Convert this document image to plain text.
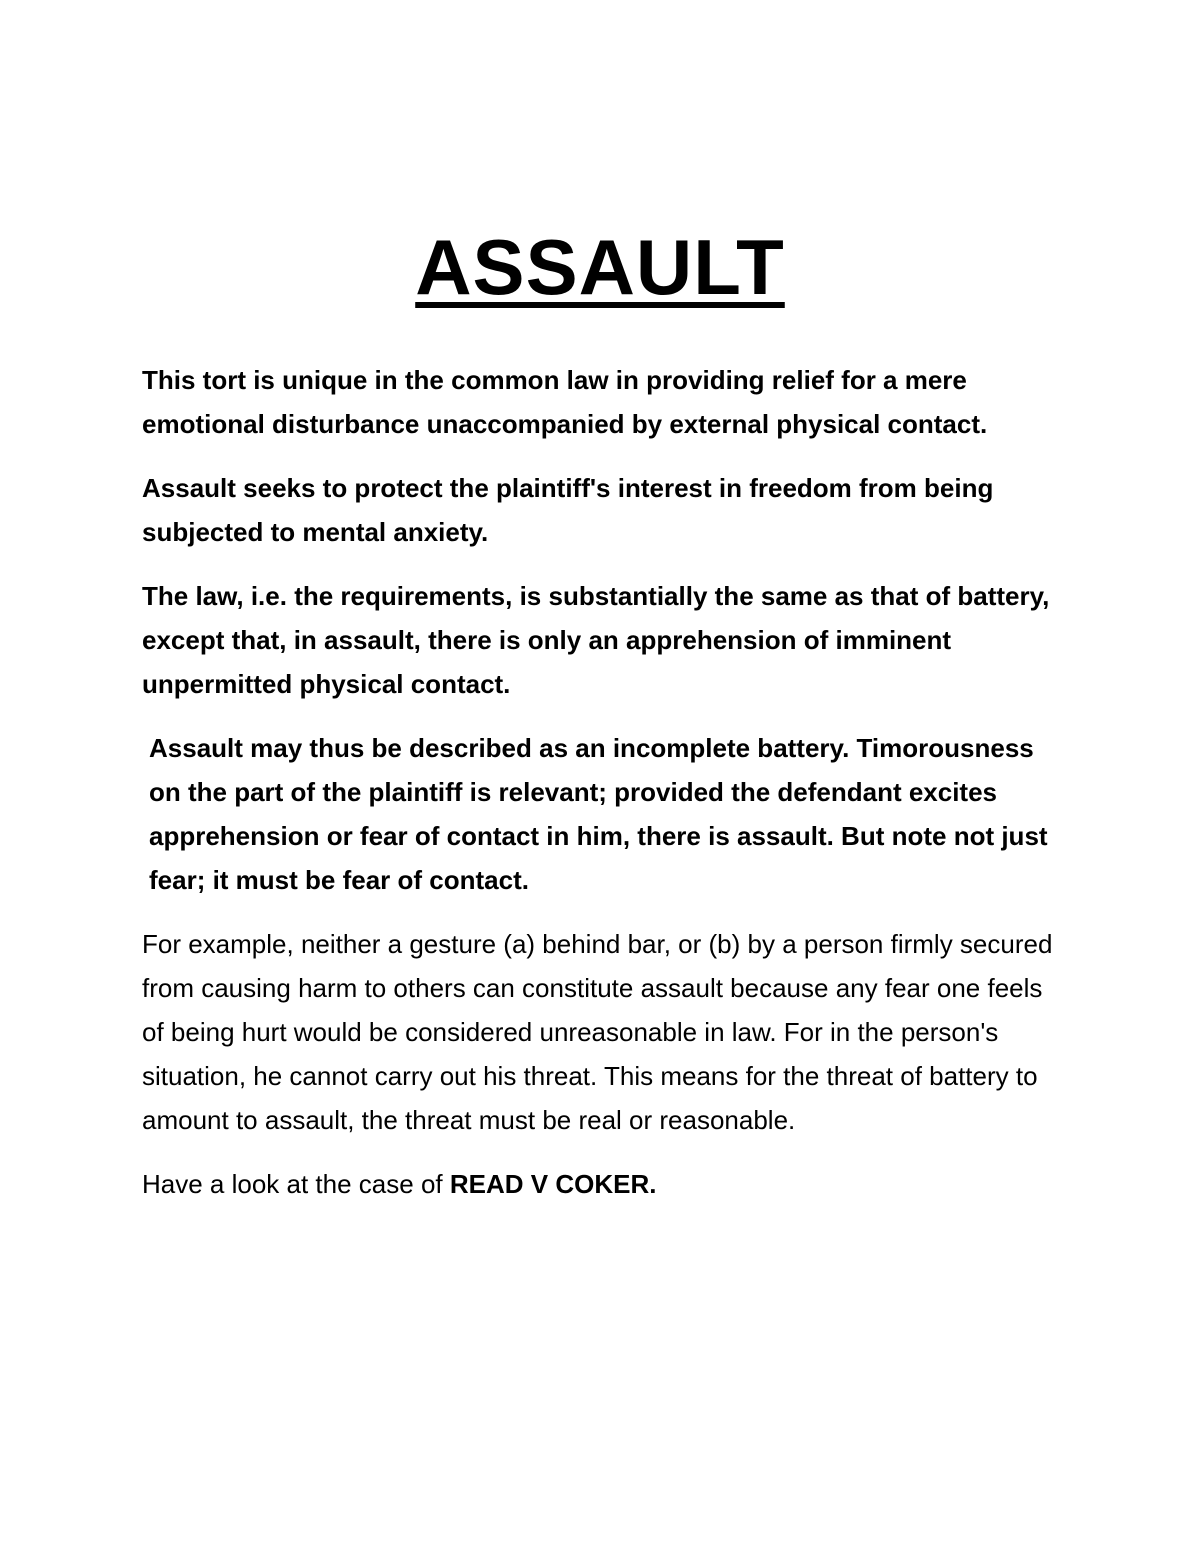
ASSAULT

This tort is unique in the common law in providing relief for a mere emotional disturbance unaccompanied by external physical contact.

Assault seeks to protect the plaintiff's interest in freedom from being subjected to mental anxiety.

The law, i.e. the requirements, is substantially the same as that of battery, except that, in assault, there is only an apprehension of imminent unpermitted physical contact.

Assault may thus be described as an incomplete battery. Timorousness on the part of the plaintiff is relevant; provided the defendant excites apprehension or fear of contact in him, there is assault. But note not just fear; it must be fear of contact.

For example, neither a gesture (a) behind bar, or (b) by a person firmly secured from causing harm to others can constitute assault because any fear one feels of being hurt would be considered unreasonable in law. For in the person's situation, he cannot carry out his threat. This means for the threat of battery to amount to assault, the threat must be real or reasonable.

Have a look at the case of READ V COKER.
